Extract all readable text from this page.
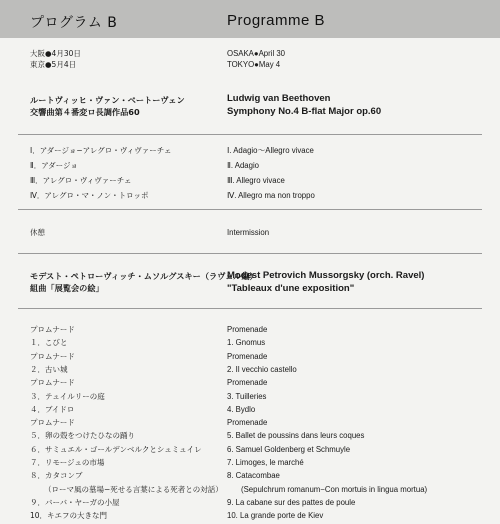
プログラム B	Programme B
大阪●4月30日
東京●5月4日
OSAKA●April 30
TOKYO●May 4
ルートヴィッヒ・ヴァン・ベートーヴェン
交響曲第４番変ロ長調作品60
Ludwig van Beethoven
Symphony No.4 B-flat Major op.60
Ⅰ．アダージョ−アレグロ・ヴィヴァーチェ
Ⅱ．アダージョ
Ⅲ．アレグロ・ヴィヴァーチェ
Ⅳ．アレグロ・マ・ノン・トロッポ
Ⅰ. Adagio～Allegro vivace
Ⅱ. Adagio
Ⅲ. Allegro vivace
Ⅳ. Allegro ma non troppo
休憩	Intermission
モデスト・ペトローヴィッチ・ムソルグスキー（ラヴェル編）
組曲「展覧会の絵」
Modest Petrovich Mussorgsky (orch. Ravel)
"Tableaux d'une exposition"
プロムナード
１．こびと
プロムナード
２．古い城
プロムナード
３．テュイルリーの庭
４．ブイドロ
プロムナード
５．卵の殻をつけたひなの踊り
６．サミュエル・ゴールデンベルクとシュミュイレ
７．リモージュの市場
８．カタコンブ
（ローマ風の墓場−死せる言葉による死者との対話）
９．バーバ・ヤーガの小屋
10．キエフの大きな門
Promenade
1. Gnomus
Promenade
2. Il vecchio castello
Promenade
3. Tuilleries
4. Bydlo
Promenade
5. Ballet de poussins dans leurs coques
6. Samuel Goldenberg et Schmuyle
7. Limoges, le marché
8. Catacombae
(Sepulchrum romanum−Con mortuis in lingua mortua)
9. La cabane sur des pattes de poule
10. La grande porte de Kiev
